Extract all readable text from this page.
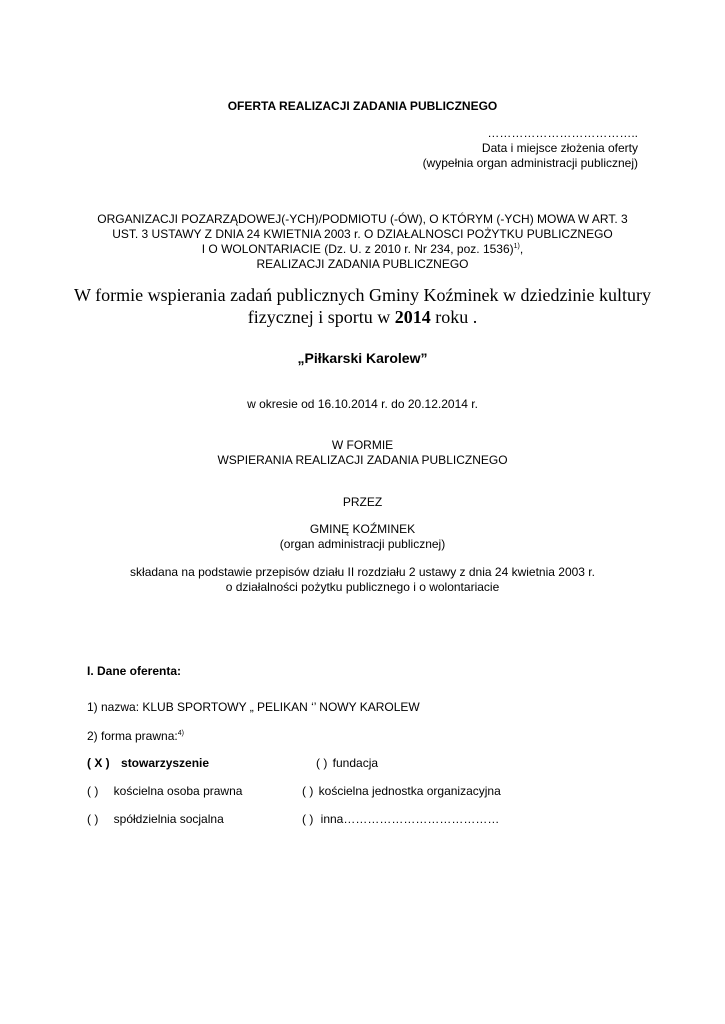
OFERTA REALIZACJI ZADANIA PUBLICZNEGO
………………………………..
Data i miejsce złożenia oferty
(wypełnia organ administracji publicznej)
ORGANIZACJI POZARZĄDOWEJ(-YCH)/PODMIOTU (-ÓW), O KTÓRYM (-YCH) MOWA W ART. 3
UST. 3 USTAWY Z DNIA 24 KWIETNIA 2003 r. O DZIAŁALNOSCI POŻYTKU PUBLICZNEGO
I O WOLONTARIACIE (Dz. U. z 2010 r. Nr 234, poz. 1536)$^{1)}$,
REALIZACJI ZADANIA PUBLICZNEGO
W formie wspierania zadań publicznych Gminy Koźminek w dziedzinie kultury
fizycznej i sportu w 2014 roku .
„Piłkarski Karolew”
w okresie od 16.10.2014 r. do 20.12.2014 r.
W FORMIE
WSPIERANIA REALIZACJI ZADANIA PUBLICZNEGO
PRZEZ
GMINĘ KOŹMINEK
(organ administracji publicznej)
składana na podstawie przepisów działu II rozdziału 2 ustawy z dnia 24 kwietnia 2003 r.
o działalności pożytku publicznego i o wolontariacie
I. Dane oferenta:
1) nazwa: KLUB SPORTOWY „ PELIKAN ‘’ NOWY KAROLEW
2) forma prawna:$^{4)}$
( X ) stowarzyszenie	( ) fundacja
( ) kościelna osoba prawna	( ) kościelna jednostka organizacyjna
( ) spółdzielnia socjalna	( ) inna…………………………………
